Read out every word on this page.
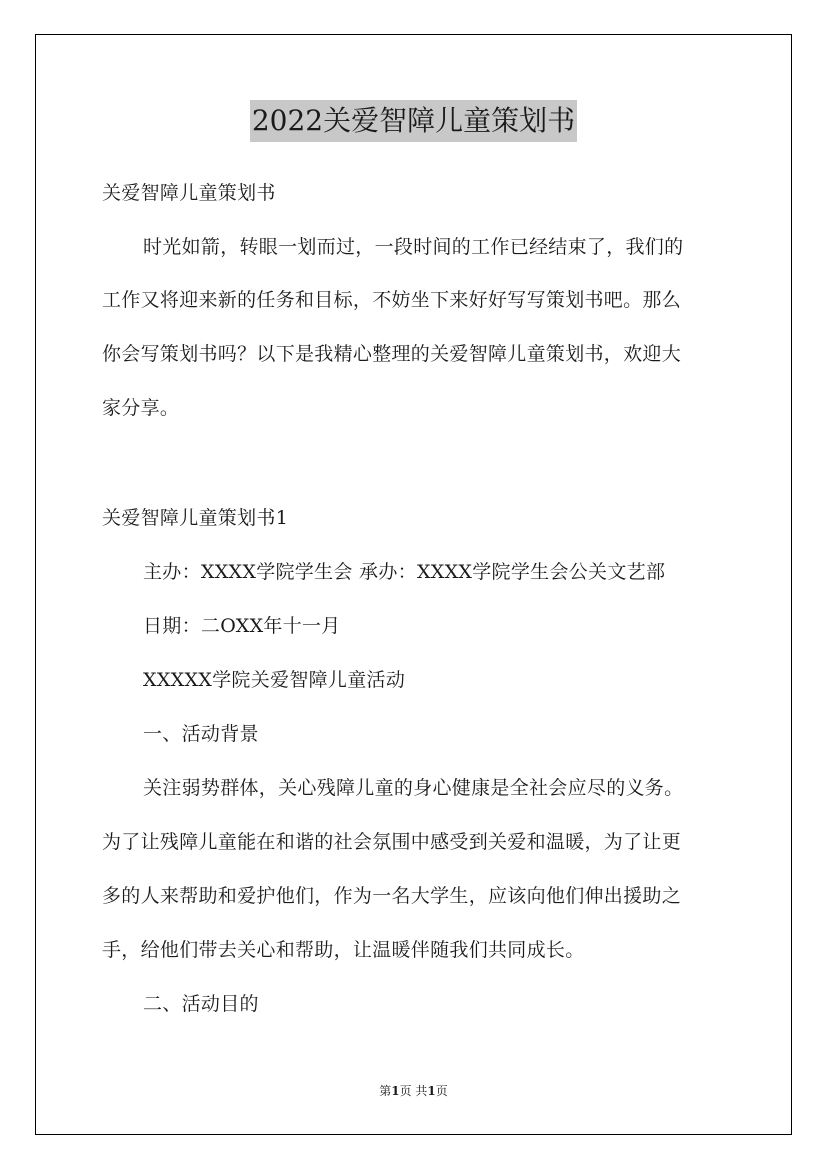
2022关爱智障儿童策划书
关爱智障儿童策划书
时光如箭，转眼一划而过，一段时间的工作已经结束了，我们的
工作又将迎来新的任务和目标，不妨坐下来好好写写策划书吧。那么
你会写策划书吗？以下是我精心整理的关爱智障儿童策划书，欢迎大
家分享。
关爱智障儿童策划书1
主办：XXXX学院学生会 承办：XXXX学院学生会公关文艺部
日期：二OXX年十一月
XXXXX学院关爱智障儿童活动
一、活动背景
关注弱势群体，关心残障儿童的身心健康是全社会应尽的义务。
为了让残障儿童能在和谐的社会氛围中感受到关爱和温暖，为了让更
多的人来帮助和爱护他们，作为一名大学生，应该向他们伸出援助之
手，给他们带去关心和帮助，让温暖伴随我们共同成长。
二、活动目的
第1页 共1页
